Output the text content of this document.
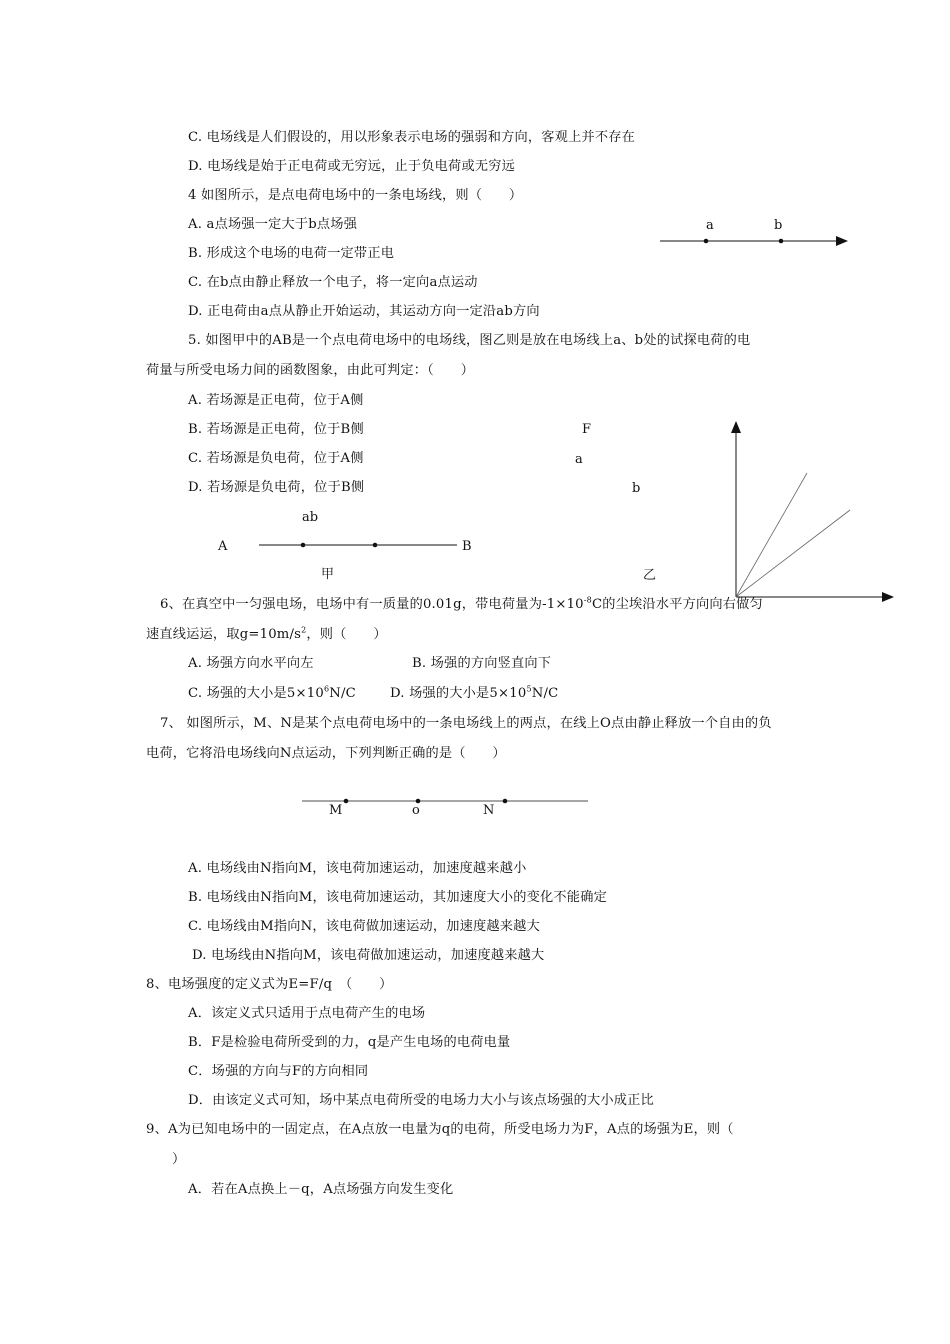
C. 电场线是人们假设的，用以形象表示电场的强弱和方向，客观上并不存在
D. 电场线是始于正电荷或无穷远，止于负电荷或无穷远
4 如图所示，是点电荷电场中的一条电场线，则（　　）
A. a点场强一定大于b点场强
B. 形成这个电场的电荷一定带正电
C. 在b点由静止释放一个电子，将一定向a点运动
D. 正电荷由a点从静止开始运动，其运动方向一定沿ab方向
5. 如图甲中的AB是一个点电荷电场中的电场线，图乙则是放在电场线上a、b处的试探电荷的电
荷量与所受电场力间的函数图象，由此可判定：（　　）
A. 若场源是正电荷，位于A侧
B. 若场源是正电荷，位于B侧
C. 若场源是负电荷，位于A侧
D. 若场源是负电荷，位于B侧
6、在真空中一匀强电场，电场中有一质量的0.01g，带电荷量为$-1\times 10^{-8}C$的尘埃沿水平方向向右做匀
速直线运运，取$g=10m/s^2$，则（　　）
A. 场强方向水平向左	B. 场强的方向竖直向下
C. 场强的大小是$5\times 10^6N/C$	D. 场强的大小是$5\times 10^5N/C$
7、 如图所示，M、N是某个点电荷电场中的一条电场线上的两点，在线上O点由静止释放一个自由的负
电荷，它将沿电场线向N点运动，下列判断正确的是（　　）
A. 电场线由N指向M，该电荷加速运动，加速度越来越小
B. 电场线由N指向M，该电荷加速运动，其加速度大小的变化不能确定
C. 电场线由M指向N，该电荷做加速运动，加速度越来越大
D. 电场线由N指向M，该电荷做加速运动，加速度越来越大
8、电场强度的定义式为E=F/q　（　　）
A．该定义式只适用于点电荷产生的电场
B．F是检验电荷所受到的力，q是产生电场的电荷电量
C．场强的方向与F的方向相同
D．由该定义式可知，场中某点电荷所受的电场力大小与该点场强的大小成正比
9、A为已知电场中的一固定点，在A点放一电量为q的电荷，所受电场力为F，A点的场强为E，则（
）
A．若在A点换上－q，A点场强方向发生变化
a	b
ab
A	B
甲
F
a
b
乙
M	o	N
